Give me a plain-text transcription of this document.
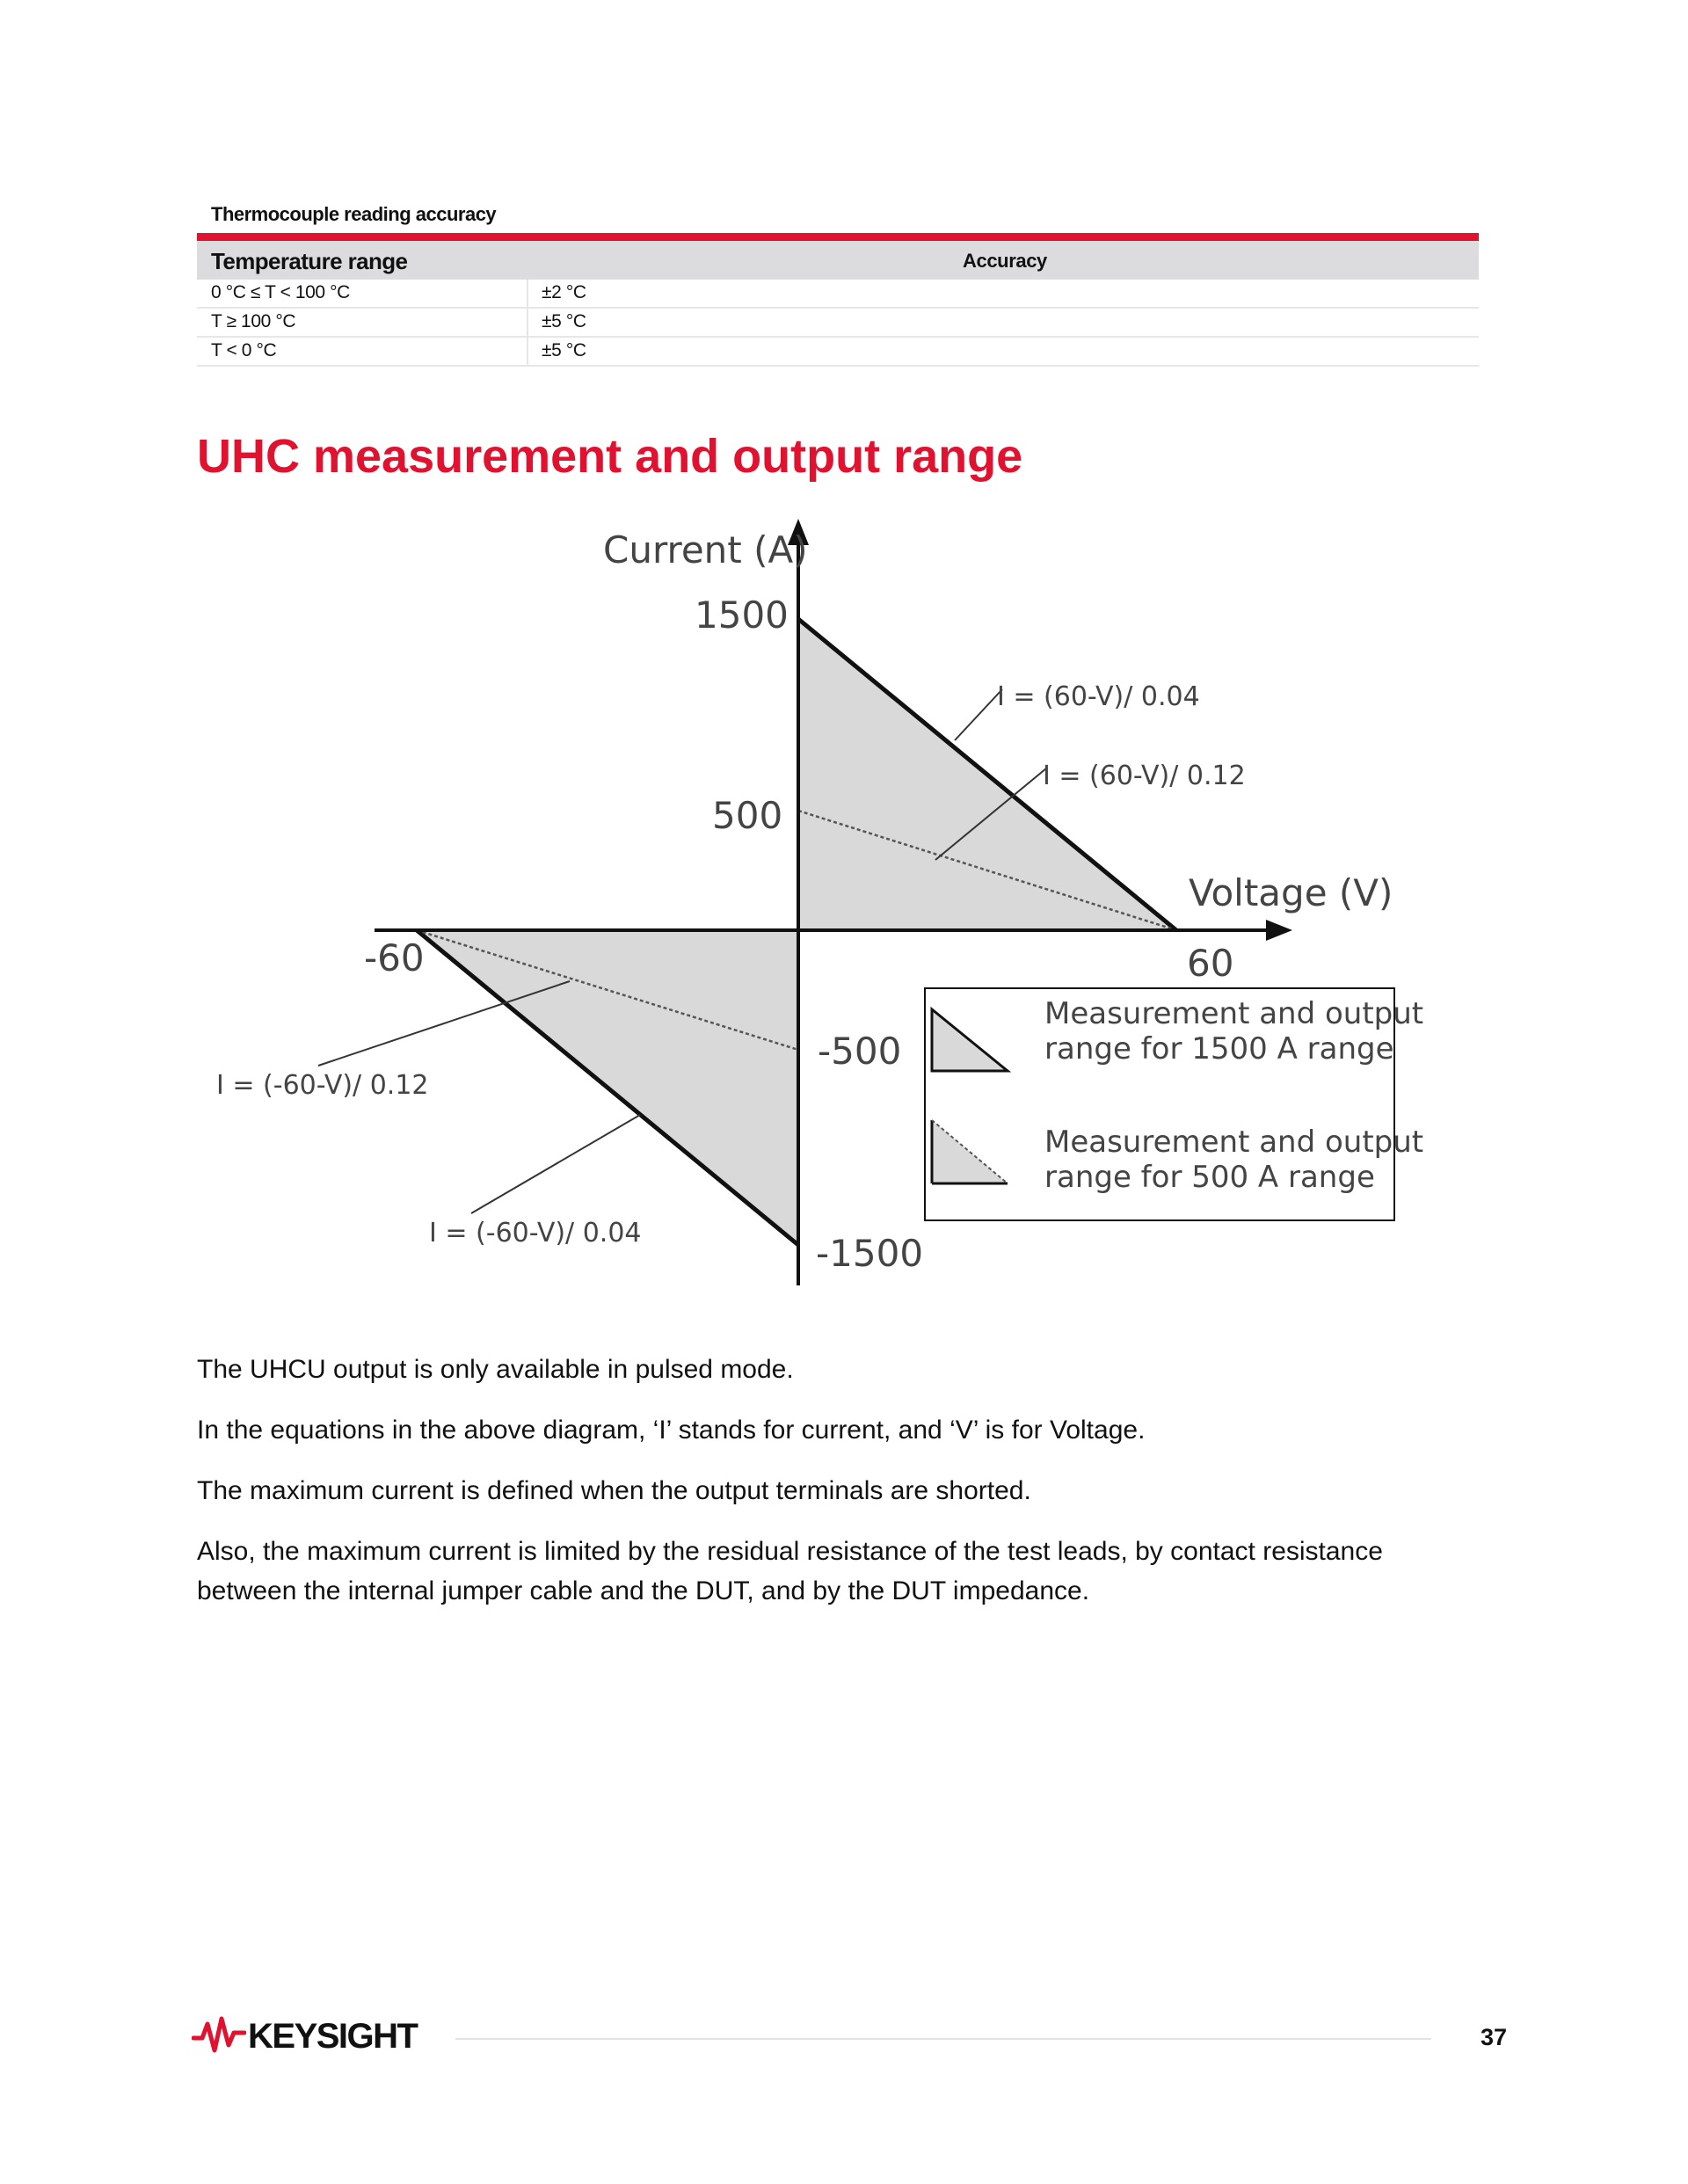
Thermocouple reading accuracy
Temperature range	Accuracy
0 °C ≤ T < 100 °C	±2 °C
T ≥ 100 °C	±5 °C
T < 0 °C	±5 °C
UHC measurement and output range
Current (A)
Voltage (V)
1500
500
-500
-1500
-60	60
I = (60-V)/ 0.04
I = (60-V)/ 0.12
I = (-60-V)/ 0.12
I = (-60-V)/ 0.04
Measurement and output
range for 1500 A range
Measurement and output
range for 500 A range
The UHCU output is only available in pulsed mode.
In the equations in the above diagram, ‘I’ stands for current, and ‘V’ is for Voltage.
The maximum current is defined when the output terminals are shorted.
Also, the maximum current is limited by the residual resistance of the test leads, by contact resistance between the internal jumper cable and the DUT, and by the DUT impedance.
KEYSIGHT	37
